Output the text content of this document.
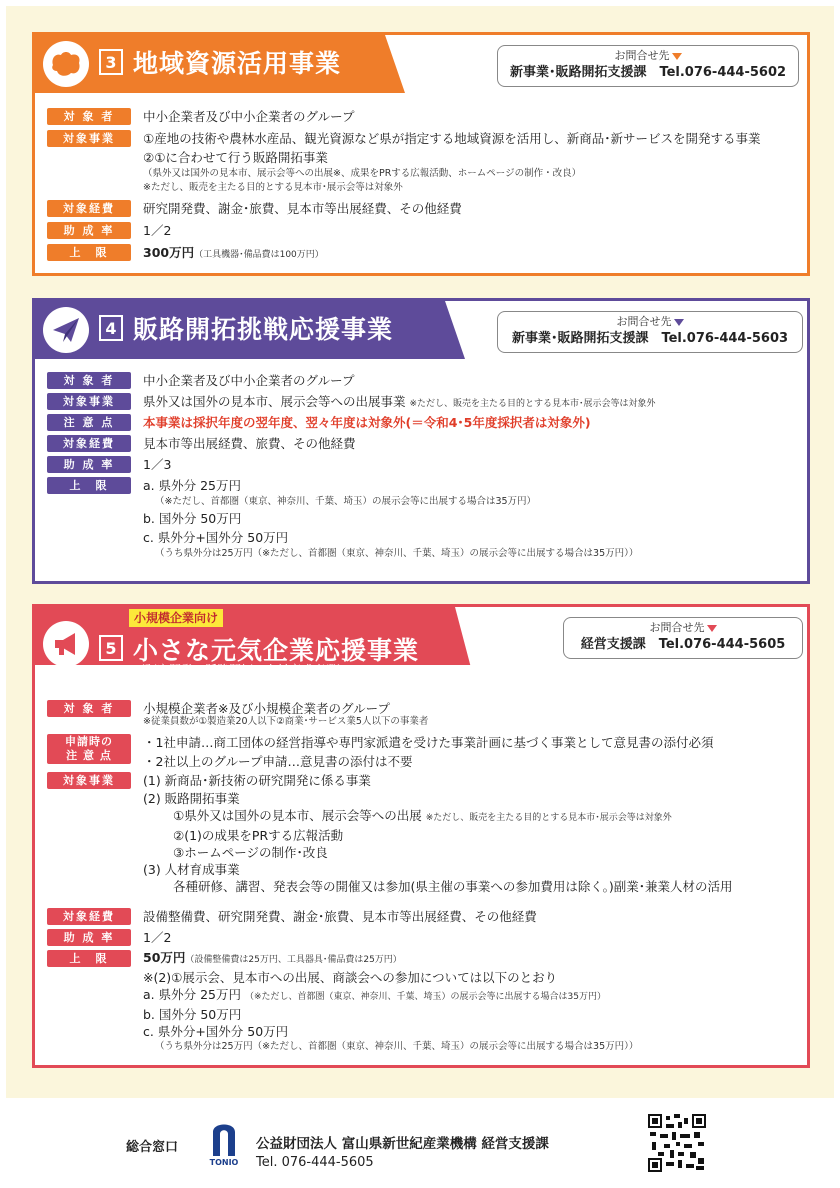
3 地域資源活用事業	お問合せ先
新事業･販路開拓支援課　Tel.076-444-5602
対 象 者	中小企業者及び中小企業者のグループ
対象事業	①産地の技術や農林水産品、観光資源など県が指定する地域資源を活用し、新商品･新サービスを開発する事業
②①に合わせて行う販路開拓事業
（県外又は国外の見本市、展示会等への出展※、成果をPRする広報活動、ホームページの制作・改良）
※ただし、販売を主たる目的とする見本市･展示会等は対象外
対象経費	研究開発費、謝金･旅費、見本市等出展経費、その他経費
助 成 率	1／2
上　限	300万円（工具機器･備品費は100万円）
4 販路開拓挑戦応援事業	お問合せ先
新事業･販路開拓支援課　Tel.076-444-5603
対 象 者	中小企業者及び中小企業者のグループ
対象事業	県外又は国外の見本市、展示会等への出展事業 ※ただし、販売を主たる目的とする見本市･展示会等は対象外
注 意 点	本事業は採択年度の翌年度、翌々年度は対象外(＝令和4･5年度採択者は対象外)
対象経費	見本市等出展経費、旅費、その他経費
助 成 率	1／3
上　限	a. 県外分 25万円
（※ただし、首都圏（東京、神奈川、千葉、埼玉）の展示会等に出展する場合は35万円）
b. 国外分 50万円
c. 県外分+国外分 50万円
（うち県外分は25万円（※ただし、首都圏（東京、神奈川、千葉、埼玉）の展示会等に出展する場合は35万円））
小規模企業向け
5 小さな元気企業応援事業
（研究開発、販路開拓、人材育成事業）
お問合せ先
経営支援課　Tel.076-444-5605
対 象 者	小規模企業者※及び小規模企業者のグループ
※従業員数が①製造業20人以下②商業･サービス業5人以下の事業者
申請時の
注 意 点
・1社申請…商工団体の経営指導や専門家派遣を受けた事業計画に基づく事業として意見書の添付必須
・2社以上のグループ申請…意見書の添付は不要
対象事業	(1) 新商品･新技術の研究開発に係る事業
(2) 販路開拓事業
①県外又は国外の見本市、展示会等への出展 ※ただし、販売を主たる目的とする見本市･展示会等は対象外
②(1)の成果をPRする広報活動
③ホームページの制作･改良
(3) 人材育成事業
各種研修、講習、発表会等の開催又は参加(県主催の事業への参加費用は除く。)副業･兼業人材の活用
対象経費	設備整備費、研究開発費、謝金･旅費、見本市等出展経費、その他経費
助 成 率	1／2
上　限	50万円（設備整備費は25万円、工具器具･備品費は25万円）
※(2)①展示会、見本市への出展、商談会への参加については以下のとおり
a. 県外分 25万円 （※ただし、首都圏（東京、神奈川、千葉、埼玉）の展示会等に出展する場合は35万円）
b. 国外分 50万円
c. 県外分+国外分 50万円
（うち県外分は25万円（※ただし、首都圏（東京、神奈川、千葉、埼玉）の展示会等に出展する場合は35万円））
総合窓口
TONIO
公益財団法人 富山県新世紀産業機構 経営支援課
Tel. 076-444-5605
